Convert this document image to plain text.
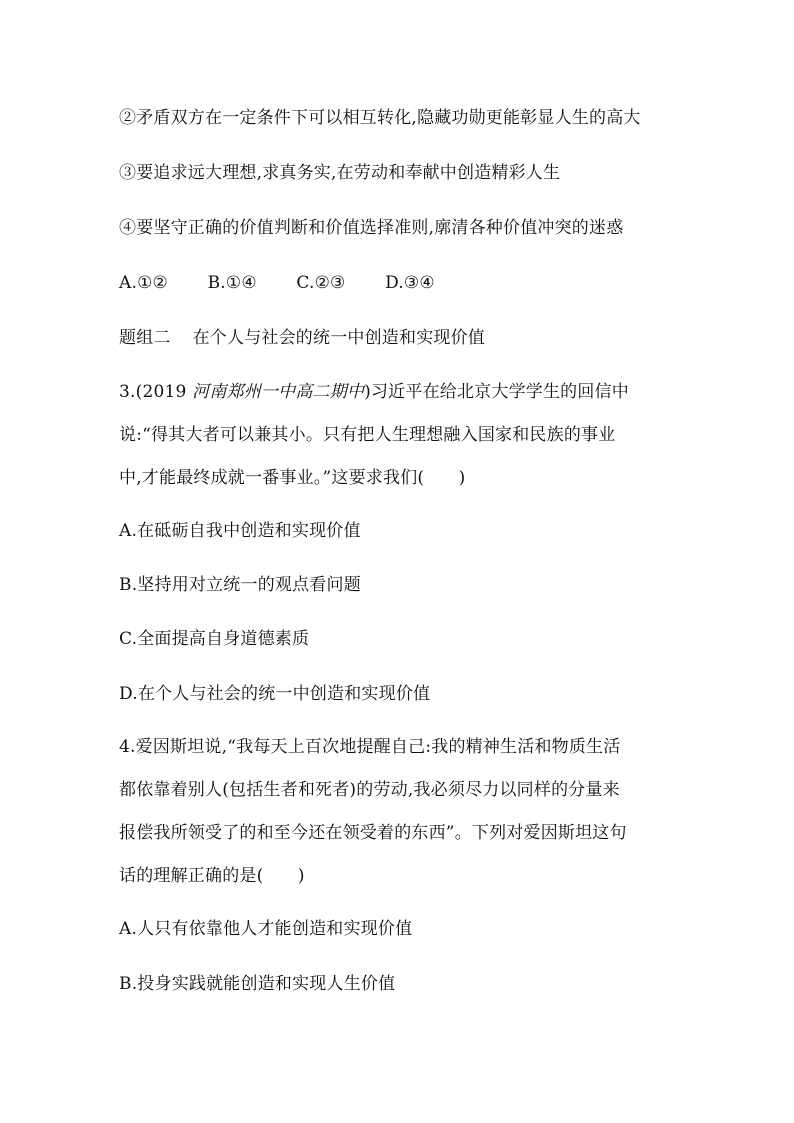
②矛盾双方在一定条件下可以相互转化,隐藏功勋更能彰显人生的高大
③要追求远大理想,求真务实,在劳动和奉献中创造精彩人生
④要坚守正确的价值判断和价值选择准则,廓清各种价值冲突的迷惑
A.①② B.①④ C.②③ D.③④
题组二 在个人与社会的统一中创造和实现价值
3.(2019 河南郑州一中高二期中)习近平在给北京大学学生的回信中
说:“得其大者可以兼其小。只有把人生理想融入国家和民族的事业
中,才能最终成就一番事业。”这要求我们(　　)
A.在砥砺自我中创造和实现价值
B.坚持用对立统一的观点看问题
C.全面提高自身道德素质
D.在个人与社会的统一中创造和实现价值
4.爱因斯坦说,“我每天上百次地提醒自己:我的精神生活和物质生活
都依靠着别人(包括生者和死者)的劳动,我必须尽力以同样的分量来
报偿我所领受了的和至今还在领受着的东西”。下列对爱因斯坦这句
话的理解正确的是(　　)
A.人只有依靠他人才能创造和实现价值
B.投身实践就能创造和实现人生价值
